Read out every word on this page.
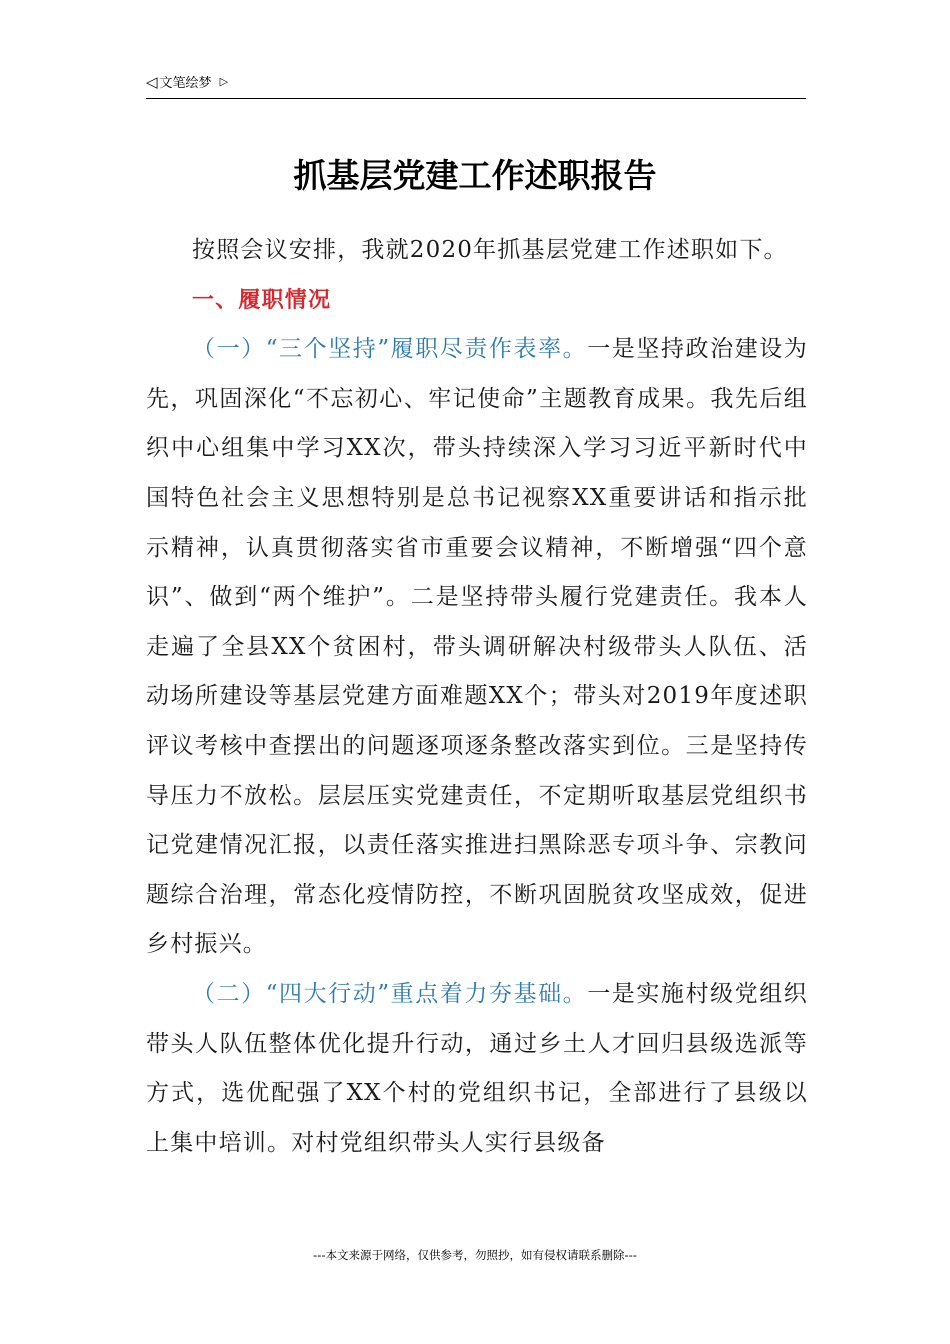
◁ 文笔绘梦 ▷
抓基层党建工作述职报告

按照会议安排，我就2020年抓基层党建工作述职如下。

一、履职情况

（一）“三个坚持”履职尽责作表率。一是坚持政治建设为先，巩固深化“不忘初心、牢记使命”主题教育成果。我先后组织中心组集中学习XX次，带头持续深入学习习近平新时代中国特色社会主义思想特别是总书记视察XX重要讲话和指示批示精神，认真贯彻落实省市重要会议精神，不断增强“四个意识”、做到“两个维护”。二是坚持带头履行党建责任。我本人走遍了全县XX个贫困村，带头调研解决村级带头人队伍、活动场所建设等基层党建方面难题XX个；带头对2019年度述职评议考核中查摆出的问题逐项逐条整改落实到位。三是坚持传导压力不放松。层层压实党建责任，不定期听取基层党组织书记党建情况汇报，以责任落实推进扫黑除恶专项斗争、宗教问题综合治理，常态化疫情防控，不断巩固脱贫攻坚成效，促进乡村振兴。

（二）“四大行动”重点着力夯基础。一是实施村级党组织带头人队伍整体优化提升行动，通过乡土人才回归县级选派等方式，选优配强了XX个村的党组织书记，全部进行了县级以上集中培训。对村党组织带头人实行县级备

---本文来源于网络，仅供参考，勿照抄，如有侵权请联系删除---
